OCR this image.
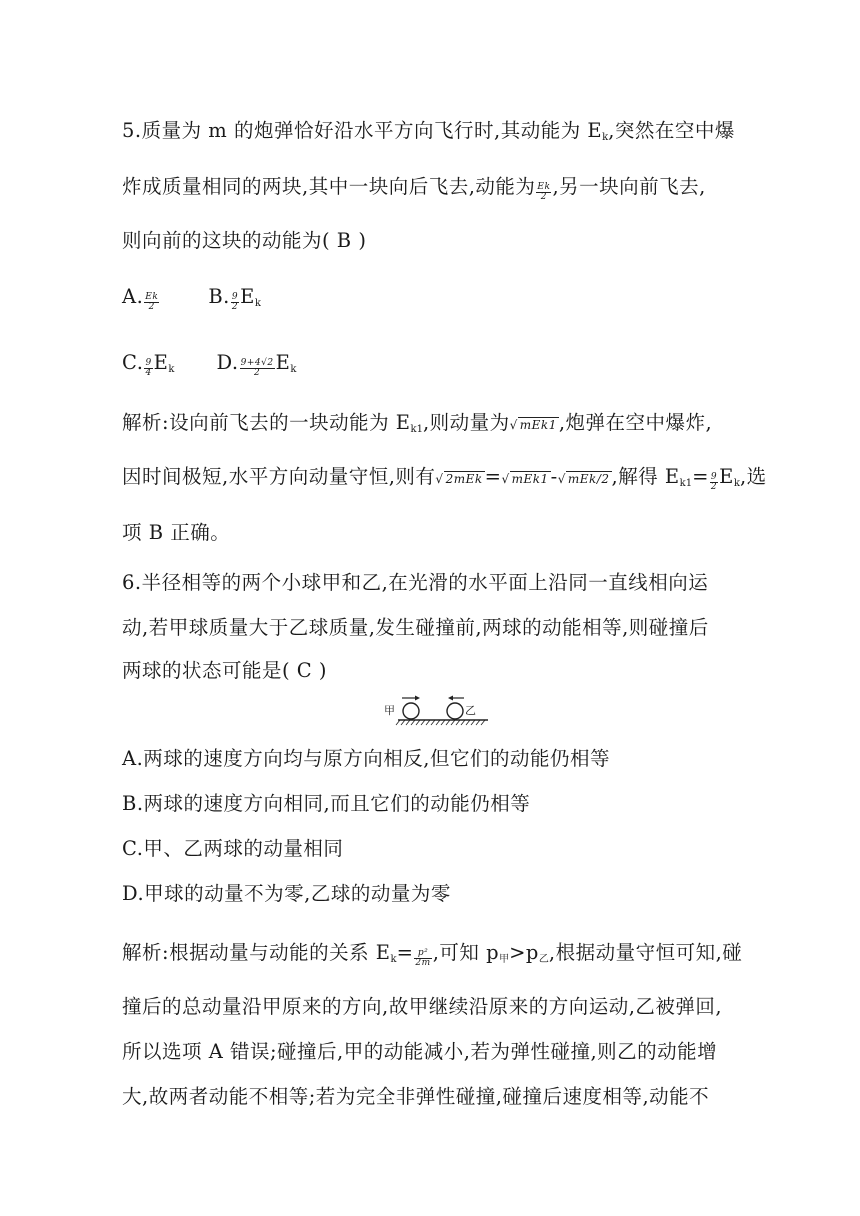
5.质量为 m 的炮弹恰好沿水平方向飞行时,其动能为 $E_k$,突然在空中爆
炸成质量相同的两块,其中一块向后飞去,动能为 $\frac{Ek}{2}$ ,另一块向前飞去,
则向前的这块的动能为( B )
A. $\frac{Ek}{2}$	B. $\frac{9}{2} E_k$
C. $\frac{9}{4} E_k$ D. $\frac{9+4√2}{2} E_k$
解析:设向前飞去的一块动能为 $E_{k1}$,则动量为√ mEk1 ,炮弹在空中爆炸,
因时间极短,水平方向动量守恒,则有√ 2mEk =√ mEk1 -√ mEk/2 ,解得 $E_{k1}= \frac{9}{2} E_k$,选
项 B 正确。
6.半径相等的两个小球甲和乙,在光滑的水平面上沿同一直线相向运
动,若甲球质量大于乙球质量,发生碰撞前,两球的动能相等,则碰撞后
两球的状态可能是( C )
甲	乙
A.两球的速度方向均与原方向相反,但它们的动能仍相等
B.两球的速度方向相同,而且它们的动能仍相等
C.甲、乙两球的动量相同
D.甲球的动量不为零,乙球的动量为零
解析:根据动量与动能的关系 $E_k= \frac{\text{p²}}{2m}$ ,可知 $p_甲>p_乙$,根据动量守恒可知,碰
撞后的总动量沿甲原来的方向,故甲继续沿原来的方向运动,乙被弹回,
所以选项 A 错误;碰撞后,甲的动能减小,若为弹性碰撞,则乙的动能增
大,故两者动能不相等;若为完全非弹性碰撞,碰撞后速度相等,动能不
